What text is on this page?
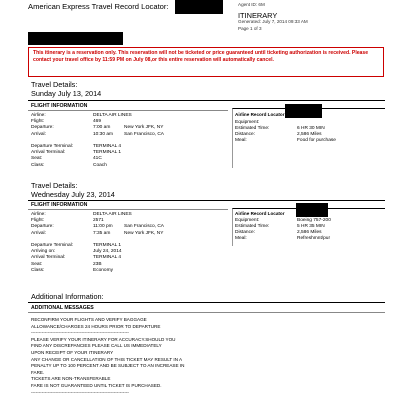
American Express Travel Record Locator:	Agent ID: 6M
ITINERARY
Generated: July 7, 2014 09:33 AM
Page 1 of 3
This itinerary is a reservation only. This reservation will not be ticketed or price guaranteed until ticketing authorization is received. Please contact your travel office by 11:59 PM on July 08,or this entire reservation will automatically cancel.
Travel Details:
Sunday July 13, 2014
FLIGHT INFORMATION
Airline:	DELTA AIR LINES
Flight:	469
Departure:	7:00 am	New York JFK, NY
Arrival:	10:30 am San Francisco, CA
Departure Terminal:	TERMINAL 4
Arrival Terminal:	TERMINAL 1
Seat:	41C
Class:	Coach
Airline Record Locator
Equipment:
Estimated Time:	6 HR 30 MIN
Distance:	2,586 Miles
Meal:	Food for purchase
Travel Details:
Wednesday July 23, 2014
FLIGHT INFORMATION
Airline:	DELTA AIR LINES
Flight:	2571
Departure:	11:00 pm San Francisco, CA
Arrival:	7:35 am	New York JFK, NY
Departure Terminal:	TERMINAL 1
Arriving on:	July 24, 2014
Arrival Terminal:	TERMINAL 4
Seat:	23B
Class:	Economy
Airline Record Locator
Equipment:	Boeing 757-200
Estimated Time:	5 HR 35 MIN
Distance:	2,586 Miles
Meal:	Refreshmnt/pur
Additional Information:
ADDITIONAL MESSAGES
RECONFIRM YOUR FLIGHTS AND VERIFY BAGGAGE
ALLOWANCE/CHARGES 24 HOURS PRIOR TO DEPARTURE
----------------------------------------------------------------
PLEASE VERIFY YOUR ITINERARY FOR ACCURACY.SHOULD YOU
FIND ANY DISCREPANCIES PLEASE CALL US IMMEDIATELY
UPON RECEIPT OF YOUR ITINERARY
ANY CHANGE OR CANCELLATION OF THIS TICKET MAY RESULT IN A
PENALTY UP TO 100 PERCENT AND BE SUBJECT TO AN INCREASE IN
FARE.
TICKETS ARE NON-TRANSFERABLE
FARE IS NOT GUARANTEED UNTIL TICKET IS PURCHASED.
----------------------------------------------------------------
